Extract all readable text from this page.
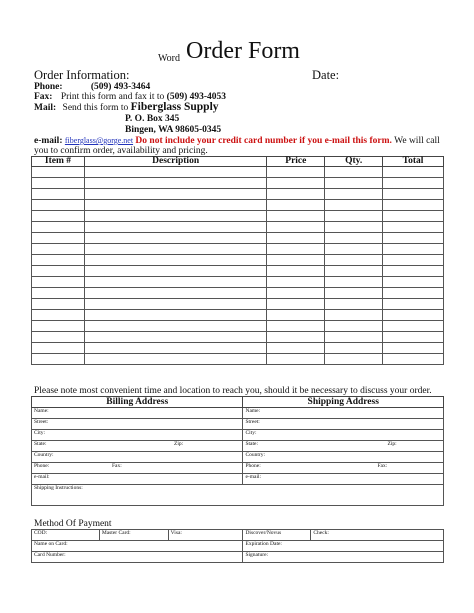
Word Order Form
Order Information:	Date:
Phone:	(509) 493-3464
Fax: Print this form and fax it to (509) 493-4053
Mail: Send this form to Fiberglass Supply
P. O. Box 345
Bingen, WA 98605-0345
e-mail: fiberglass@gorge.net Do not include your credit card number if you e-mail this form. We will call
you to confirm order, availability and pricing.
Item #	Description	Price	Qty.	Total

Please note most convenient time and location to reach you, should it be necessary to discuss your order.
Billing Address	Shipping Address
Name:	Name:
Street:	Street:
City:	City:
State: Zip:	State: Zip:

Country:	Country:
Phone: Fax:	Phone: Fax:

e-mail:	e-mail:
Shipping Instructions:	
Method Of Payment
COD:	Master Card:	Visa:	Discover/Novus	Check:
Name on Card:			Expiration Date:	
Card Number:			Signature:	
